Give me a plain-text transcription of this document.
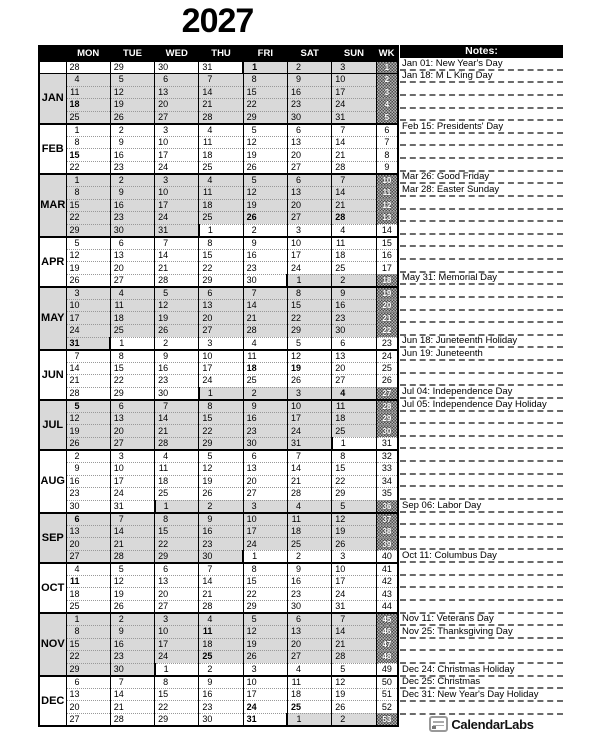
2027
	MON	TUE	WED	THU	FRI	SAT	SUN	WK
	28	29	30	31	1	2	3	1
JAN	4	5	6	7	8	9	10	2
	11	12	13	14	15	16	17	3
	18	19	20	21	22	23	24	4
	25	26	27	28	29	30	31	5
FEB	1	2	3	4	5	6	7	6
	8	9	10	11	12	13	14	7
	15	16	17	18	19	20	21	8
	22	23	24	25	26	27	28	9
MAR	1	2	3	4	5	6	7	10
	8	9	10	11	12	13	14	11
	15	16	17	18	19	20	21	12
	22	23	24	25	26	27	28	13
	29	30	31	1	2	3	4	14
APR	5	6	7	8	9	10	11	15
	12	13	14	15	16	17	18	16
	19	20	21	22	23	24	25	17
	26	27	28	29	30	1	2	18
MAY	3	4	5	6	7	8	9	19
	10	11	12	13	14	15	16	20
	17	18	19	20	21	22	23	21
	24	25	26	27	28	29	30	22
	31	1	2	3	4	5	6	23
JUN	7	8	9	10	11	12	13	24
	14	15	16	17	18	19	20	25
	21	22	23	24	25	26	27	26
	28	29	30	1	2	3	4	27
JUL	5	6	7	8	9	10	11	28
	12	13	14	15	16	17	18	29
	19	20	21	22	23	24	25	30
	26	27	28	29	30	31	1	31
AUG	2	3	4	5	6	7	8	32
	9	10	11	12	13	14	15	33
	16	17	18	19	20	21	22	34
	23	24	25	26	27	28	29	35
	30	31	1	2	3	4	5	36
SEP	6	7	8	9	10	11	12	37
	13	14	15	16	17	18	19	38
	20	21	22	23	24	25	26	39
	27	28	29	30	1	2	3	40
OCT	4	5	6	7	8	9	10	41
	11	12	13	14	15	16	17	42
	18	19	20	21	22	23	24	43
	25	26	27	28	29	30	31	44
NOV	1	2	3	4	5	6	7	45
	8	9	10	11	12	13	14	46
	15	16	17	18	19	20	21	47
	22	23	24	25	26	27	28	48
	29	30	1	2	3	4	5	49
DEC	6	7	8	9	10	11	12	50
	13	14	15	16	17	18	19	51
	20	21	22	23	24	25	26	52
	27	28	29	30	31	1	2	53
Notes:
Jan 01: New Year's Day
Jan 18: M L King Day
Feb 15: Presidents' Day
Mar 26: Good Friday
Mar 28: Easter Sunday
May 31: Memorial Day
Jun 18: Juneteenth Holiday
Jun 19: Juneteenth
Jul 04: Independence Day
Jul 05: Independence Day Holiday
Sep 06: Labor Day
Oct 11: Columbus Day
Nov 11: Veterans Day
Nov 25: Thanksgiving Day
Dec 24: Christmas Holiday
Dec 25: Christmas
Dec 31: New Year's Day Holiday
CalendarLabs
